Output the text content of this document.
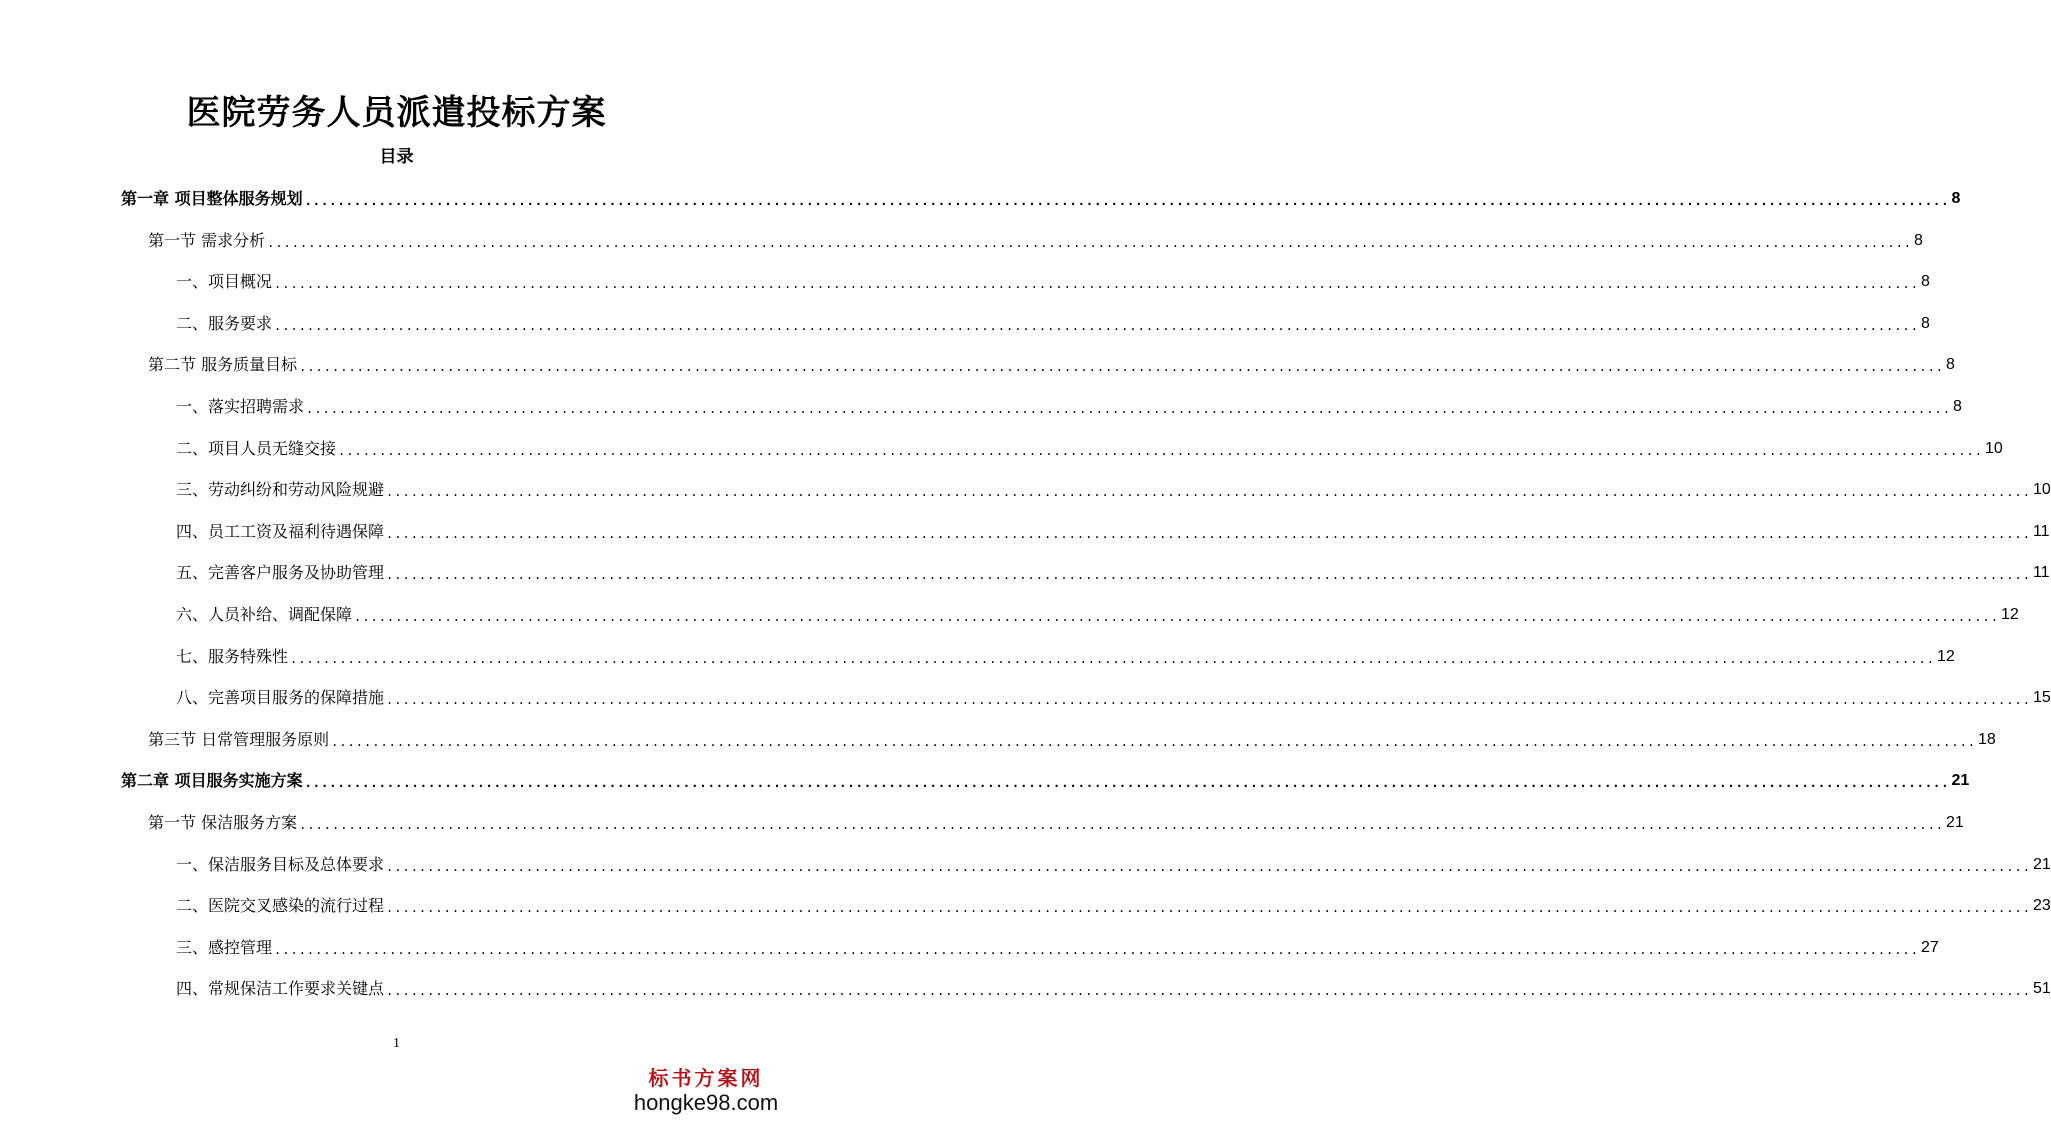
医院劳务人员派遣投标方案
目录
第一章 项目整体服务规划 ........................................................................................................................................................................................................ 8
第一节 需求分析 ........................................................................................................................................................................................................ 8
一、项目概况 ........................................................................................................................................................................................................ 8
二、服务要求 ........................................................................................................................................................................................................ 8
第二节 服务质量目标 ........................................................................................................................................................................................................ 8
一、落实招聘需求 ........................................................................................................................................................................................................ 8
二、项目人员无缝交接 ........................................................................................................................................................................................................ 10
三、劳动纠纷和劳动风险规避 ........................................................................................................................................................................................................ 10
四、员工工资及福利待遇保障 ........................................................................................................................................................................................................ 11
五、完善客户服务及协助管理 ........................................................................................................................................................................................................ 11
六、人员补给、调配保障 ........................................................................................................................................................................................................ 12
七、服务特殊性 ........................................................................................................................................................................................................ 12
八、完善项目服务的保障措施 ........................................................................................................................................................................................................ 15
第三节 日常管理服务原则 ........................................................................................................................................................................................................ 18
第二章 项目服务实施方案 ........................................................................................................................................................................................................ 21
第一节 保洁服务方案 ........................................................................................................................................................................................................ 21
一、保洁服务目标及总体要求 ........................................................................................................................................................................................................ 21
二、医院交叉感染的流行过程 ........................................................................................................................................................................................................ 23
三、感控管理 ........................................................................................................................................................................................................ 27
四、常规保洁工作要求关键点 ........................................................................................................................................................................................................ 51
1
标书方案网
hongke98.com
